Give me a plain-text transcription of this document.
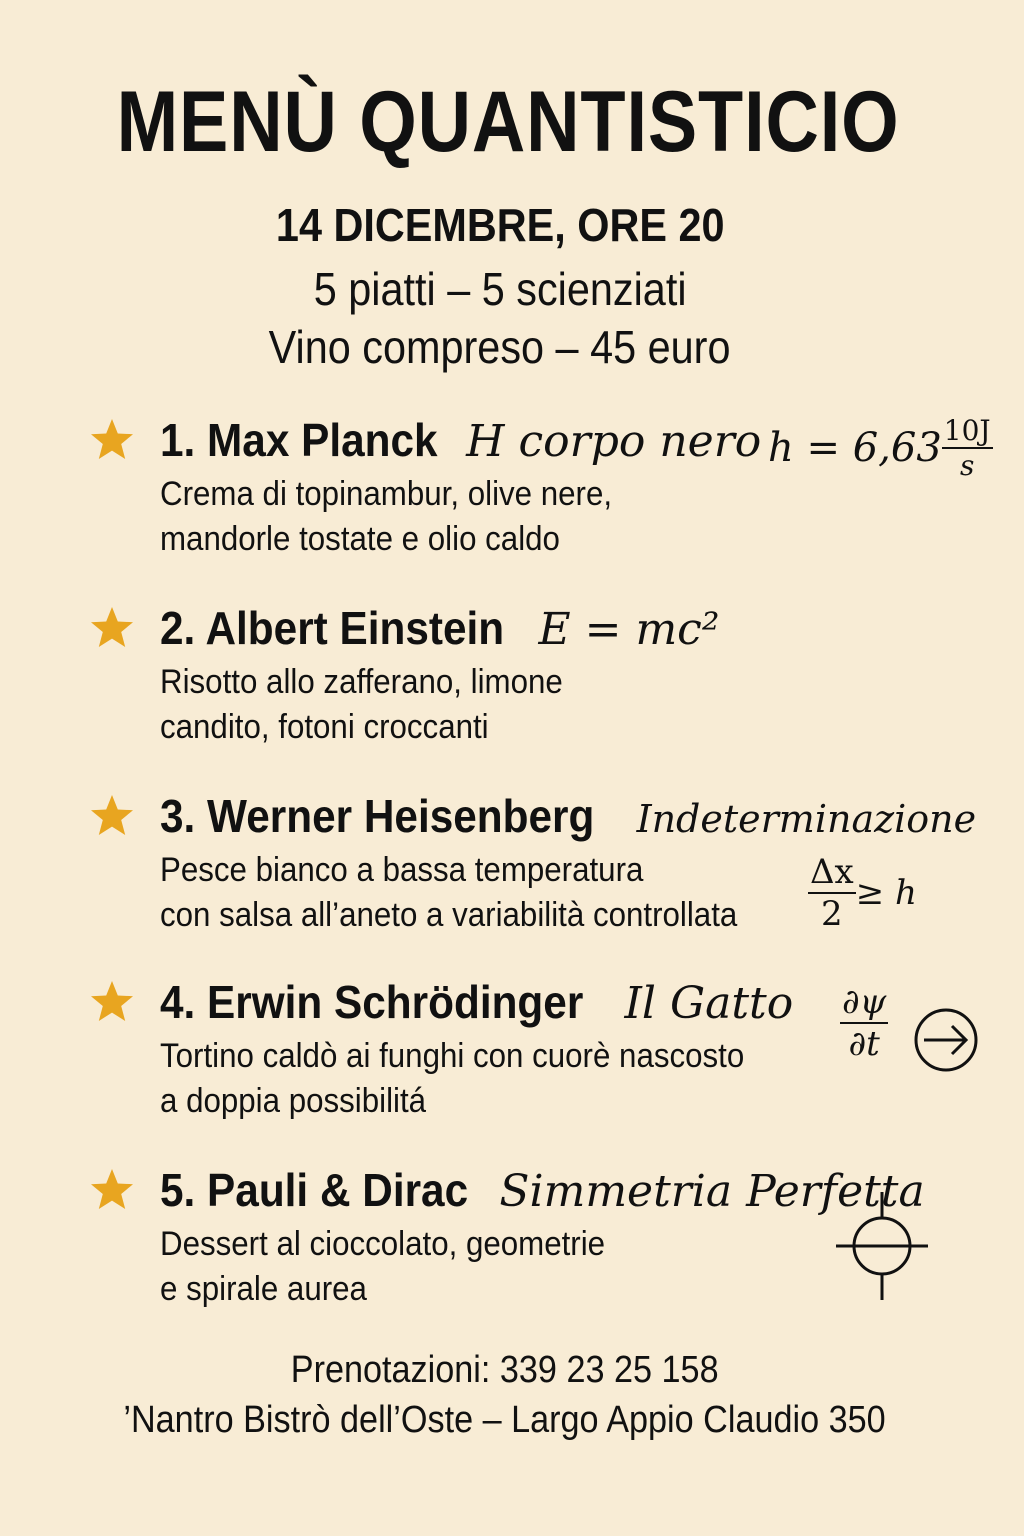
MENÙ QUANTISTICIO
14 DICEMBRE, ORE 20
5 piatti – 5 scienziati
Vino compreso – 45 euro
1. Max Planck H corpo nero
Crema di topinambur, olive nere,
mandorle tostate e olio caldo
$h = 6,63 \frac{10J}{s}$
2. Albert Einstein E = mc²
Risotto allo zafferano, limone
candito, fotoni croccanti
3. Werner Heisenberg Indeterminazione
Pesce bianco a bassa temperatura
con salsa all’aneto a variabilità controllata $\frac{\Delta x}{2} \ge h$
4. Erwin Schrödinger Il Gatto
Tortino caldò ai funghi con cuorè nascosto
a doppia possibilitá
$\frac{\partial\psi}{\partial t}$
5. Pauli & Dirac Simmetria Perfetta
Dessert al cioccolato, geometrie
e spirale aurea
Prenotazioni: 339 23 25 158
’Nantro Bistrò dell’Oste – Largo Appio Claudio 350
